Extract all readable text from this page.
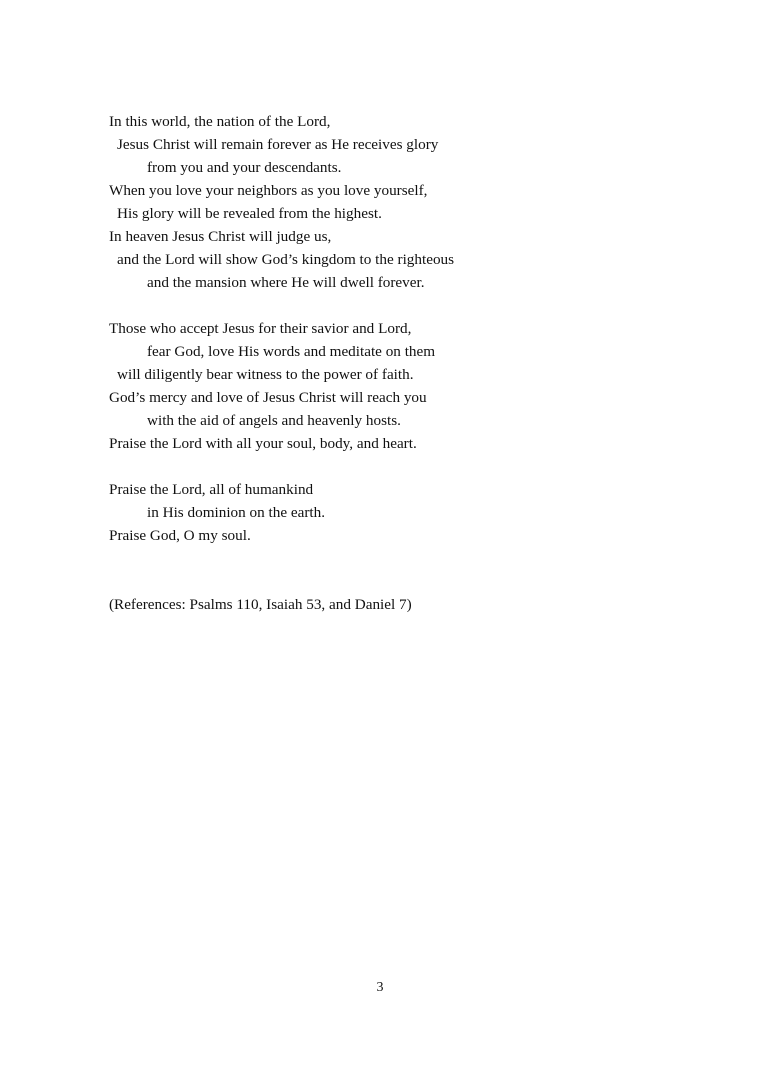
In this world, the nation of the Lord,
Jesus Christ will remain forever as He receives glory
from you and your descendants.
When you love your neighbors as you love yourself,
His glory will be revealed from the highest.
In heaven Jesus Christ will judge us,
and the Lord will show God’s kingdom to the righteous
and the mansion where He will dwell forever.
Those who accept Jesus for their savior and Lord,
fear God, love His words and meditate on them
will diligently bear witness to the power of faith.
God’s mercy and love of Jesus Christ will reach you
with the aid of angels and heavenly hosts.
Praise the Lord with all your soul, body, and heart.
Praise the Lord, all of humankind
in His dominion on the earth.
Praise God, O my soul.
(References: Psalms 110, Isaiah 53, and Daniel 7)
3
